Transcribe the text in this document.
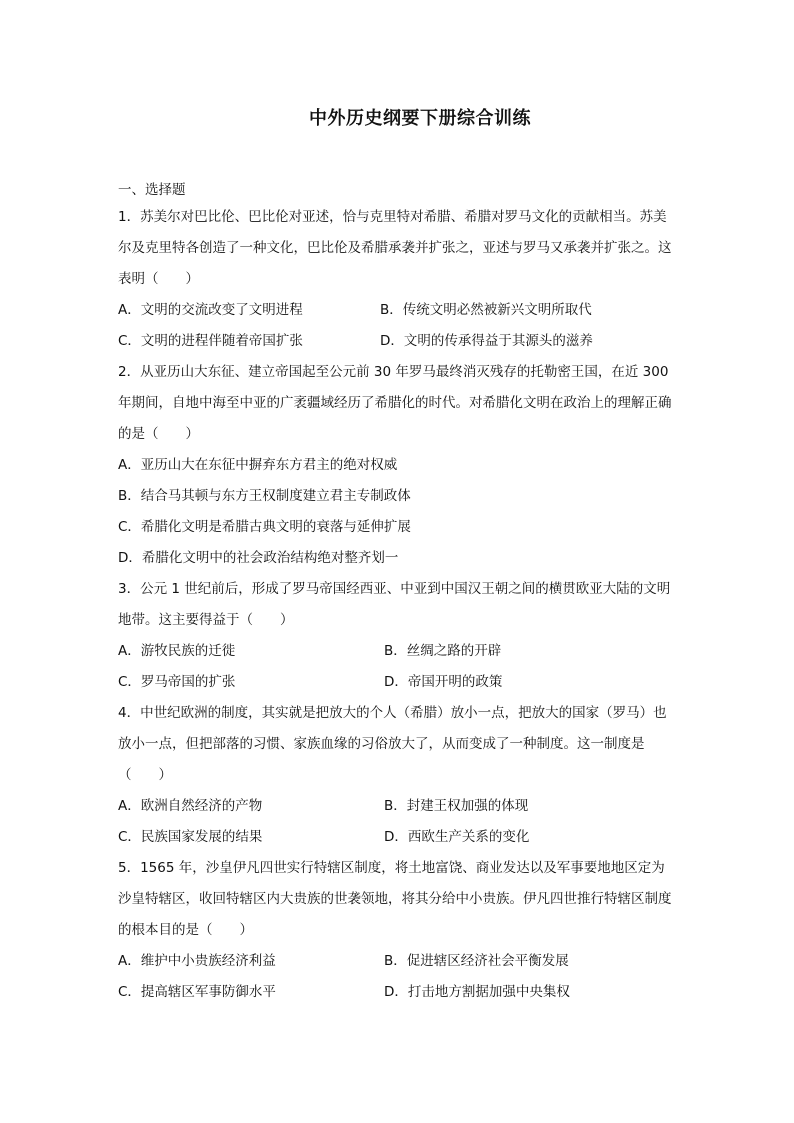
中外历史纲要下册综合训练
一、选择题

1．苏美尔对巴比伦、巴比伦对亚述，恰与克里特对希腊、希腊对罗马文化的贡献相当。苏美尔及克里特各创造了一种文化，巴比伦及希腊承袭并扩张之，亚述与罗马又承袭并扩张之。这表明（　　）

A．文明的交流改变了文明进程	B．传统文明必然被新兴文明所取代
C．文明的进程伴随着帝国扩张	D．文明的传承得益于其源头的滋养

2．从亚历山大东征、建立帝国起至公元前 30 年罗马最终消灭残存的托勒密王国，在近 300 年期间，自地中海至中亚的广袤疆域经历了希腊化的时代。对希腊化文明在政治上的理解正确的是（　　）

A．亚历山大在东征中摒弃东方君主的绝对权威
B．结合马其顿与东方王权制度建立君主专制政体
C．希腊化文明是希腊古典文明的衰落与延伸扩展
D．希腊化文明中的社会政治结构绝对整齐划一

3．公元 1 世纪前后，形成了罗马帝国经西亚、中亚到中国汉王朝之间的横贯欧亚大陆的文明地带。这主要得益于（　　）

A．游牧民族的迁徙	B．丝绸之路的开辟
C．罗马帝国的扩张	D．帝国开明的政策

4．中世纪欧洲的制度，其实就是把放大的个人（希腊）放小一点，把放大的国家（罗马）也放小一点，但把部落的习惯、家族血缘的习俗放大了，从而变成了一种制度。这一制度是（　　）

A．欧洲自然经济的产物	B．封建王权加强的体现
C．民族国家发展的结果	D．西欧生产关系的变化

5．1565 年，沙皇伊凡四世实行特辖区制度，将土地富饶、商业发达以及军事要地地区定为沙皇特辖区，收回特辖区内大贵族的世袭领地，将其分给中小贵族。伊凡四世推行特辖区制度的根本目的是（　　）

A．维护中小贵族经济利益	B．促进辖区经济社会平衡发展
C．提高辖区军事防御水平	D．打击地方割据加强中央集权
